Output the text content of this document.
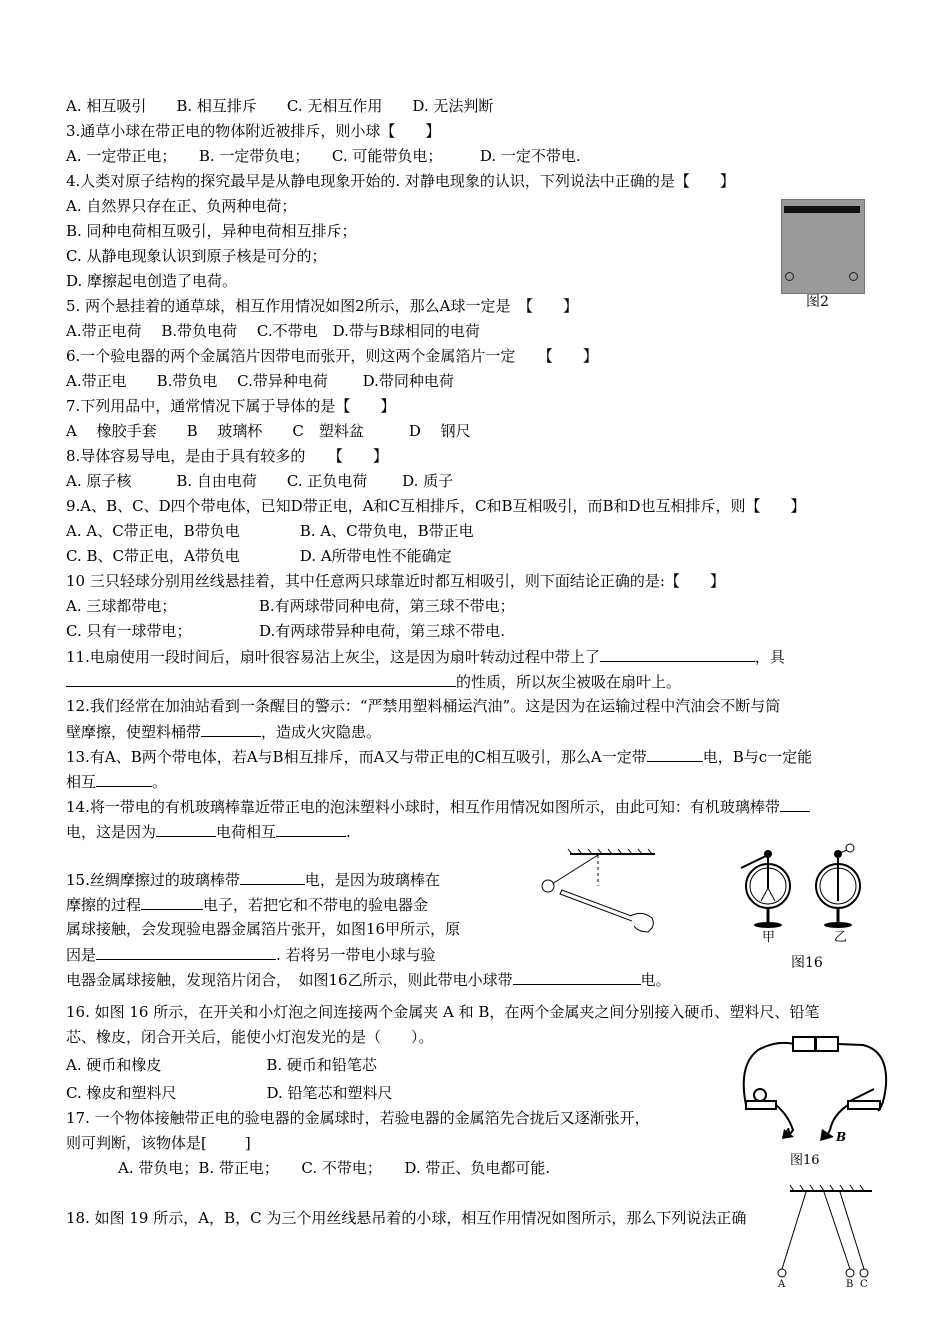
A. 相互吸引　　B. 相互排斥　　C. 无相互作用　　D. 无法判断
3.通草小球在带正电的物体附近被排斥，则小球【　　】
A. 一定带正电；　　B. 一定带负电；　　C. 可能带负电；　　　D. 一定不带电.
4.人类对原子结构的探究最早是从静电现象开始的. 对静电现象的认识，下列说法中正确的是【　　】
A. 自然界只存在正、负两种电荷；
B. 同种电荷相互吸引，异种电荷相互排斥；
C. 从静电现象认识到原子核是可分的；
D. 摩擦起电创造了电荷。
5. 两个悬挂着的通草球，相互作用情况如图2所示，那么A球一定是　【　　】
A.带正电荷　 B.带负电荷　 C.不带电　D.带与B球相同的电荷
6.一个验电器的两个金属箔片因带电而张开，则这两个金属箔片一定　　【　　】
A.带正电　　B.带负电　 C.带异种电荷　　 D.带同种电荷
7.下列用品中，通常情况下属于导体的是【　　】
A　 橡胶手套　　B　 玻璃杯　　C　塑料盆　　　D　 钢尺
8.导体容易导电，是由于具有较多的　　【　　】
A. 原子核　　　B. 自由电荷　　C. 正负电荷　　 D. 质子
9.A、B、C、D四个带电体，已知D带正电，A和C互相排斥，C和B互相吸引，而B和D也互相排斥，则【　　】
A. A、C带正电，B带负电　　　　B. A、C带负电，B带正电
C. B、C带正电，A带负电　　　　D. A所带电性不能确定
10 三只轻球分别用丝线悬挂着，其中任意两只球靠近时都互相吸引，则下面结论正确的是:【　　】
A. 三球都带电；　　　　　　B.有两球带同种电荷，第三球不带电；
C. 只有一球带电；　　　　　D.有两球带异种电荷，第三球不带电.
11.电扇使用一段时间后，扇叶很容易沾上灰尘，这是因为扇叶转动过程中带上了	，具
的性质，所以灰尘被吸在扇叶上。
12.我们经常在加油站看到一条醒目的警示：“严禁用塑料桶运汽油”。这是因为在运输过程中汽油会不断与筒
壁摩擦，使塑料桶带	，造成火灾隐患。
13.有A、B两个带电体，若A与B相互排斥，而A又与带正电的C相互吸引，那么A一定带	电，B与c一定能
相互	。
14.将一带电的有机玻璃棒靠近带正电的泡沫塑料小球时，相互作用情况如图所示，由此可知：有机玻璃棒带
电，这是因为	电荷相互	.
15.丝绸摩擦过的玻璃棒带	电，是因为玻璃棒在
摩擦的过程	电子，若把它和不带电的验电器金
属球接触，会发现验电器金属箔片张开，如图16甲所示，原
因是	. 若将另一带电小球与验
电器金属球接触，发现箔片闭合，　如图16乙所示，则此带电小球带	电。
16. 如图 16 所示，在开关和小灯泡之间连接两个金属夹 A 和 B，在两个金属夹之间分别接入硬币、塑料尺、铅笔
芯、橡皮，闭合开关后，能使小灯泡发光的是（　　）。
A. 硬币和橡皮　　　　　　　B. 硬币和铅笔芯
C. 橡皮和塑料尺　　　　　　D. 铅笔芯和塑料尺
17. 一个物体接触带正电的验电器的金属球时，若验电器的金属箔先合拢后又逐渐张开，
则可判断，该物体是[	]
A. 带负电；B. 带正电；　　C. 不带电；　　D. 带正、负电都可能.
18. 如图 19 所示，A，B，C 为三个用丝线悬吊着的小球，相互作用情况如图所示，那么下列说法正确
图2
甲	乙
图16
A	B
图16
A	B C
